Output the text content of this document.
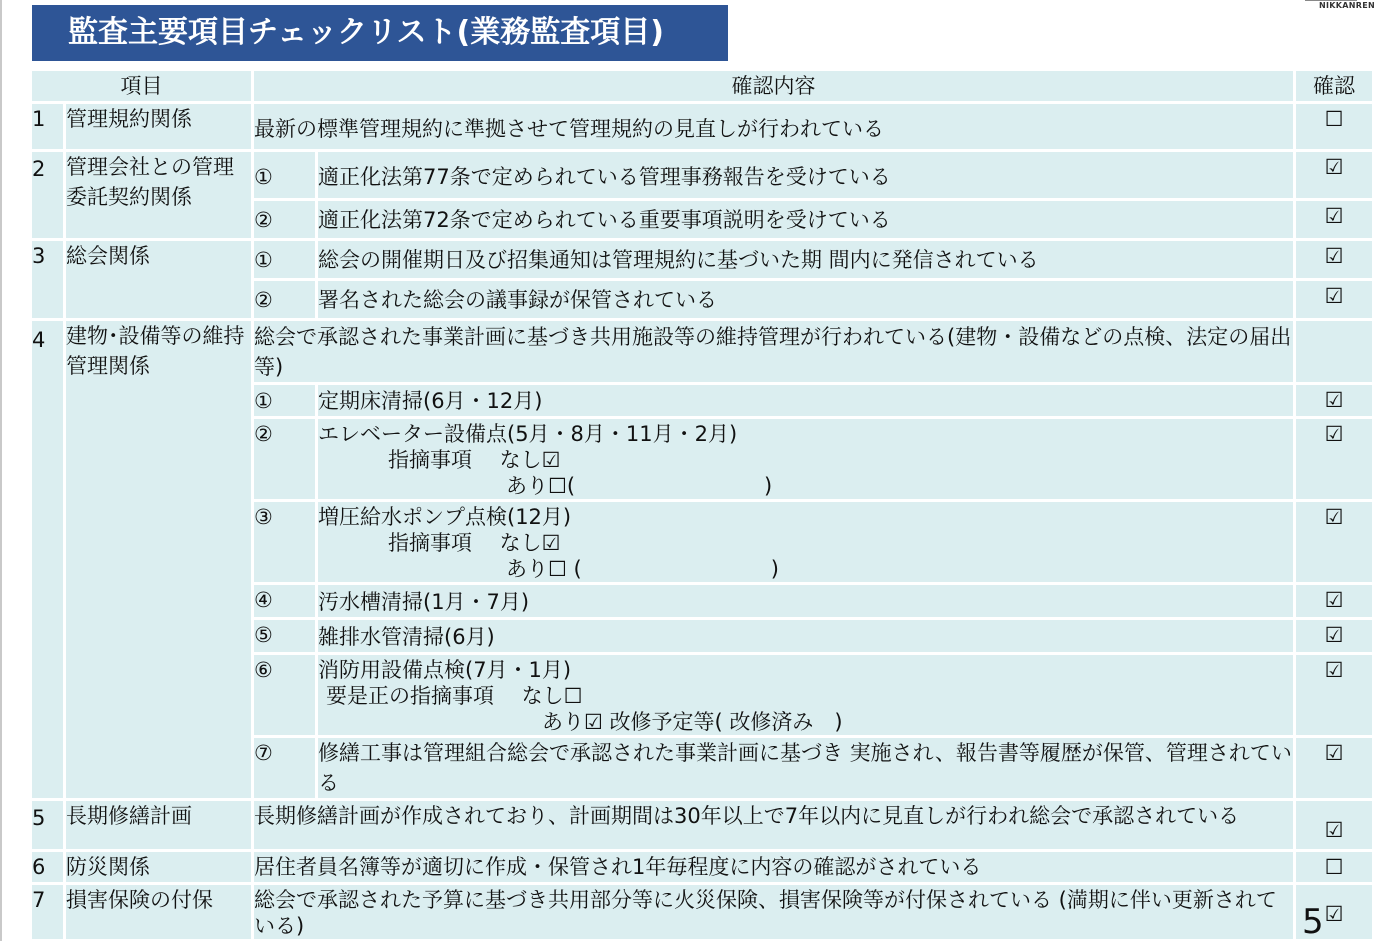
監査主要項目チェックリスト(業務監査項目)
NIKKANREN
項目		確認内容		確認
1	管理規約関係	最新の標準管理規約に準拠させて管理規約の見直しが行われている		☐
2	管理会社との管理委託契約関係	①	適正化法第77条で定められている管理事務報告を受けている	☑
		②	適正化法第72条で定められている重要事項説明を受けている	☑
3	総会関係	①	総会の開催期日及び招集通知は管理規約に基づいた期 間内に発信されている	☑
		②	署名された総会の議事録が保管されている	☑
4	建物･設備等の維持管理関係	総会で承認された事業計画に基づき共用施設等の維持管理が行われている(建物・設備などの点検、法定の届出等)		
		①	定期床清掃(6月・12月)	☑
		②	エレベーター設備点(5月・8月・11月・2月)
指摘事項　 なし☑
あり☐(　　　　　　　　　)	☑
		③	増圧給水ポンプ点検(12月)
指摘事項　 なし☑
あり☐ (　　　　　　　　　)	☑
		④	汚水槽清掃(1月・7月)	☑
		⑤	雑排水管清掃(6月)	☑
		⑥	消防用設備点検(7月・1月)
要是正の指摘事項　 なし☐
あり☑ 改修予定等( 改修済み　)	☑
		⑦	修繕工事は管理組合総会で承認された事業計画に基づき 実施され、報告書等履歴が保管、管理されている	☑
5	長期修繕計画	長期修繕計画が作成されており、計画期間は30年以上で7年以内に見直しが行われ総会で承認されている		☑
6	防災関係	居住者員名簿等が適切に作成・保管され1年毎程度に内容の確認がされている		☐
7	損害保険の付保	総会で承認された予算に基づき共用部分等に火災保険、損害保険等が付保されている (満期に伴い更新されている)		☑
5
